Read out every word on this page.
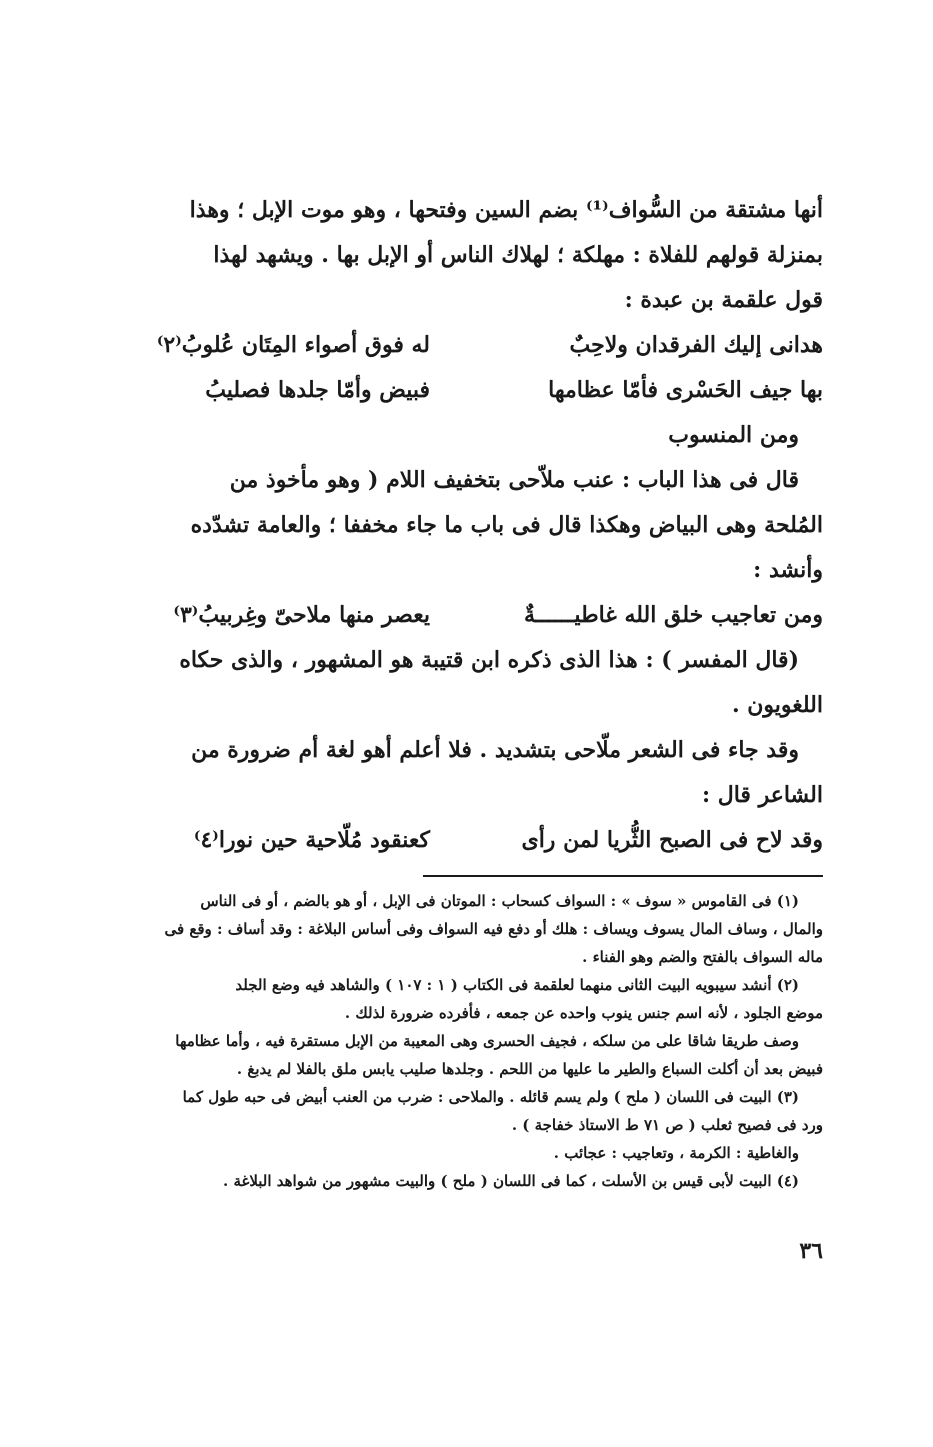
أنها مشتقة من السُّواف⁽¹⁾ بضم السين وفتحها ، وهو موت الإبل ؛ وهذا
بمنزلة قولهم للفلاة : مهلكة ؛ لهلاك الناس أو الإبل بها . ويشهد لهذا
قول علقمة بن عبدة :

هدانى إليك الفرقدان ولاحِبٌ
له فوق أصواء المِتَان عُلوبُ⁽٢⁾
بها جيف الحَسْرى فأمّا عظامها
فبيض وأمّا جلدها فصليبُ

ومن المنسوب

قال فى هذا الباب : عنب ملاّحى بتخفيف اللام ( وهو مأخوذ من
المُلحة وهى البياض وهكذا قال فى باب ما جاء مخففا ؛ والعامة تشدّده
وأنشد :

ومن تعاجيب خلق الله غاطيــــــةٌ
يعصر منها ملاحىّ وغِربيبُ⁽٣⁾

(قال المفسر ) : هذا الذى ذكره ابن قتيبة هو المشهور ، والذى حكاه
اللغويون .

وقد جاء فى الشعر ملّاحى بتشديد . فلا أعلم أهو لغة أم ضرورة من
الشاعر قال :

وقد لاح فى الصبح الثُّريا لمن رأى
كعنقود مُلّاحية حين نورا⁽٤⁾

(١) فى القاموس « سوف » : السواف كسحاب : الموتان فى الإبل ، أو هو بالضم ، أو فى الناس
والمال ، وساف المال يسوف ويساف : هلك أو دفع فيه السواف وفى أساس البلاغة : وقد أساف : وقع فى
ماله السواف بالفتح والضم وهو الفناء .

(٢) أنشد سيبويه البيت الثانى منهما لعلقمة فى الكتاب ( ١ : ١٠٧ ) والشاهد فيه وضع الجلد
موضع الجلود ، لأنه اسم جنس ينوب واحده عن جمعه ، فأفرده ضرورة لذلك .

وصف طريقا شاقا على من سلكه ، فجيف الحسرى وهى المعيبة من الإبل مستقرة فيه ، وأما عظامها
فبيض بعد أن أكلت السباع والطير ما عليها من اللحم . وجلدها صليب يابس ملق بالفلا لم يدبغ .

(٣) البيت فى اللسان ( ملح ) ولم يسم قائله . والملاحى : ضرب من العنب أبيض فى حبه طول كما
ورد فى فصيح ثعلب ( ص ٧١ ط الاستاذ خفاجة ) .

والغاطية : الكرمة ، وتعاجيب : عجائب .

(٤) البيت لأبى قيس بن الأسلت ، كما فى اللسان ( ملح ) والبيت مشهور من شواهد البلاغة .

٣٦
